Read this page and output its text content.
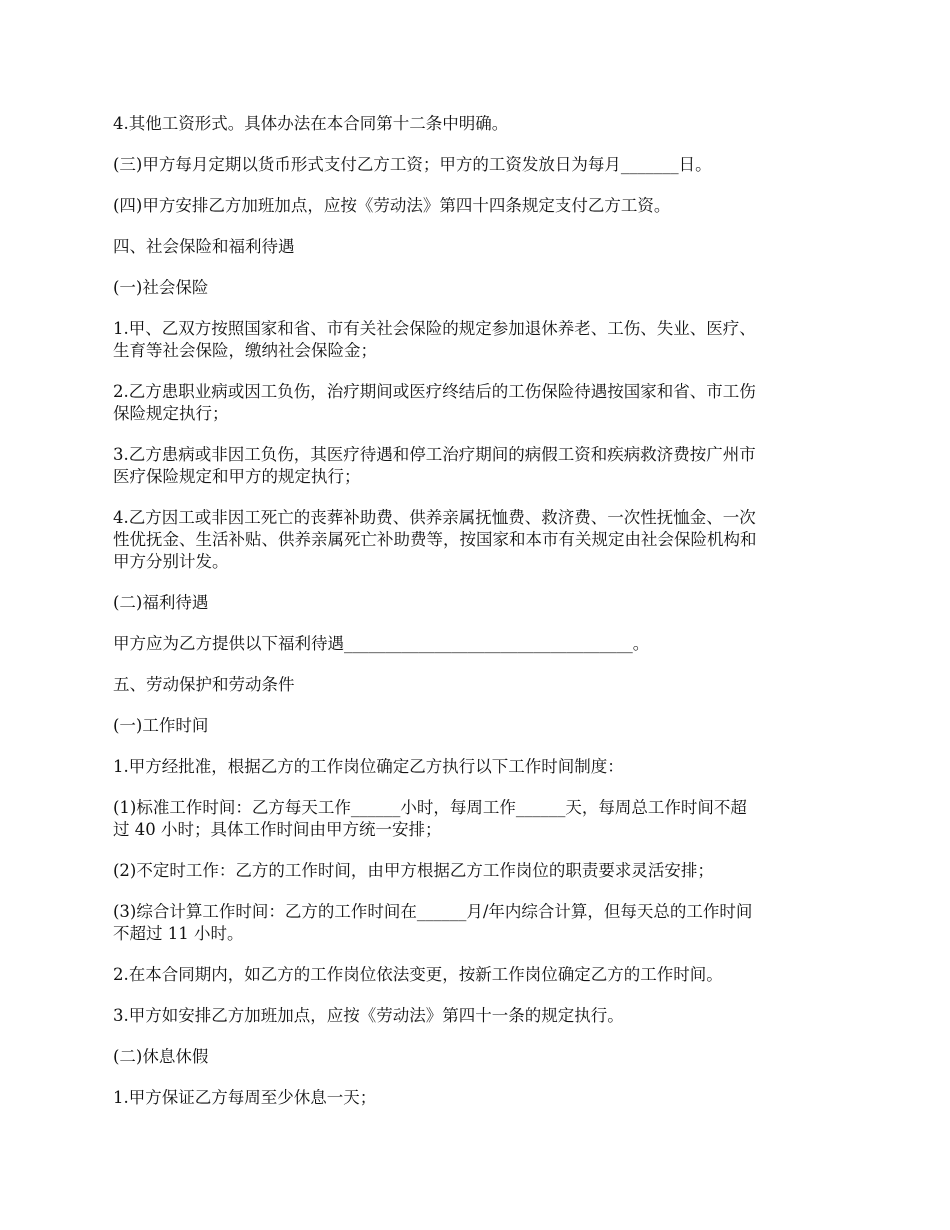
4.其他工资形式。具体办法在本合同第十二条中明确。
(三)甲方每月定期以货币形式支付乙方工资；甲方的工资发放日为每月_______日。
(四)甲方安排乙方加班加点，应按《劳动法》第四十四条规定支付乙方工资。
四、社会保险和福利待遇
(一)社会保险
1.甲、乙双方按照国家和省、市有关社会保险的规定参加退休养老、工伤、失业、医疗、
生育等社会保险，缴纳社会保险金；
2.乙方患职业病或因工负伤，治疗期间或医疗终结后的工伤保险待遇按国家和省、市工伤
保险规定执行；
3.乙方患病或非因工负伤，其医疗待遇和停工治疗期间的病假工资和疾病救济费按广州市
医疗保险规定和甲方的规定执行；
4.乙方因工或非因工死亡的丧葬补助费、供养亲属抚恤费、救济费、一次性抚恤金、一次
性优抚金、生活补贴、供养亲属死亡补助费等，按国家和本市有关规定由社会保险机构和
甲方分别计发。
(二)福利待遇
甲方应为乙方提供以下福利待遇___________________________________。
五、劳动保护和劳动条件
(一)工作时间
1.甲方经批准，根据乙方的工作岗位确定乙方执行以下工作时间制度：
(1)标准工作时间：乙方每天工作______小时，每周工作______天，每周总工作时间不超
过 40 小时；具体工作时间由甲方统一安排；
(2)不定时工作：乙方的工作时间，由甲方根据乙方工作岗位的职责要求灵活安排；
(3)综合计算工作时间：乙方的工作时间在______月/年内综合计算，但每天总的工作时间
不超过 11 小时。
2.在本合同期内，如乙方的工作岗位依法变更，按新工作岗位确定乙方的工作时间。
3.甲方如安排乙方加班加点，应按《劳动法》第四十一条的规定执行。
(二)休息休假
1.甲方保证乙方每周至少休息一天；
